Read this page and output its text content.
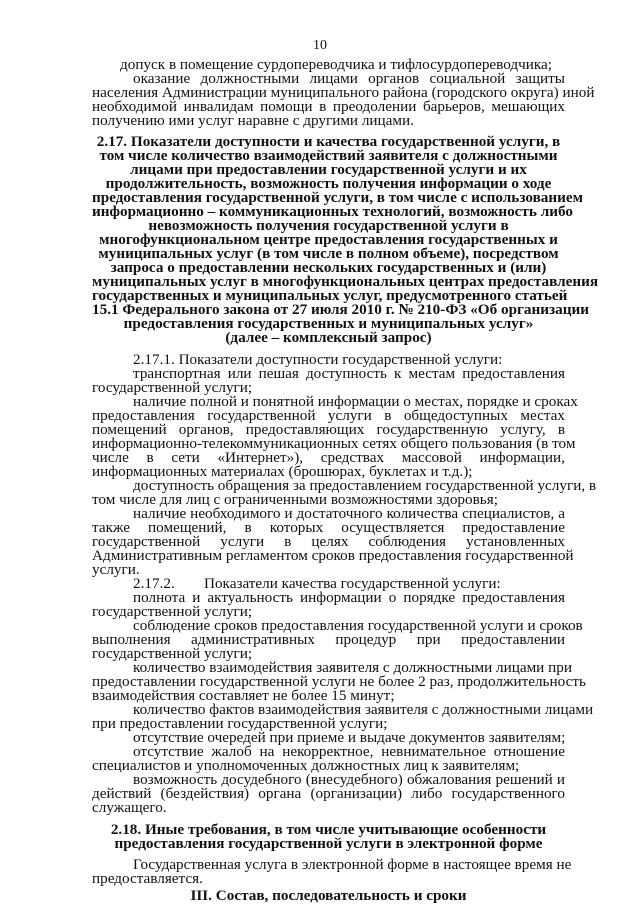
10
допуск в помещение сурдопереводчика и тифлосурдопереводчика;
оказание должностными лицами органов социальной защиты
населения Администрации муниципального района (городского округа) иной
необходимой инвалидам помощи в преодолении барьеров, мешающих
получению ими услуг наравне с другими лицами.
2.17. Показатели доступности и качества государственной услуги, в
том числе количество взаимодействий заявителя с должностными
лицами при предоставлении государственной услуги и их
продолжительность, возможность получения информации о ходе
предоставления государственной услуги, в том числе с использованием
информационно – коммуникационных технологий, возможность либо
невозможность получения государственной услуги в
многофункциональном центре предоставления государственных и
муниципальных услуг (в том числе в полном объеме), посредством
запроса о предоставлении нескольких государственных и (или)
муниципальных услуг в многофункциональных центрах предоставления
государственных и муниципальных услуг, предусмотренного статьей
15.1 Федерального закона от 27 июля 2010 г. № 210-ФЗ «Об организации
предоставления государственных и муниципальных услуг»
(далее – комплексный запрос)
2.17.1. Показатели доступности государственной услуги:
транспортная или пешая доступность к местам предоставления
государственной услуги;
наличие полной и понятной информации о местах, порядке и сроках
предоставления государственной услуги в общедоступных местах
помещений органов, предоставляющих государственную услугу, в
информационно-телекоммуникационных сетях общего пользования (в том
числе в сети «Интернет»), средствах массовой информации,
информационных материалах (брошюрах, буклетах и т.д.);
доступность обращения за предоставлением государственной услуги, в
том числе для лиц с ограниченными возможностями здоровья;
наличие необходимого и достаточного количества специалистов, а
также помещений, в которых осуществляется предоставление
государственной услуги в целях соблюдения установленных
Административным регламентом сроков предоставления государственной
услуги.
2.17.2. Показатели качества государственной услуги:
полнота и актуальность информации о порядке предоставления
государственной услуги;
соблюдение сроков предоставления государственной услуги и сроков
выполнения административных процедур при предоставлении
государственной услуги;
количество взаимодействия заявителя с должностными лицами при
предоставлении государственной услуги не более 2 раз, продолжительность
взаимодействия составляет не более 15 минут;
количество фактов взаимодействия заявителя с должностными лицами
при предоставлении государственной услуги;
отсутствие очередей при приеме и выдаче документов заявителям;
отсутствие жалоб на некорректное, невнимательное отношение
специалистов и уполномоченных должностных лиц к заявителям;
возможность досудебного (внесудебного) обжалования решений и
действий (бездействия) органа (организации) либо государственного
служащего.
2.18. Иные требования, в том числе учитывающие особенности
предоставления государственной услуги в электронной форме
Государственная услуга в электронной форме в настоящее время не
предоставляется.
III. Состав, последовательность и сроки
